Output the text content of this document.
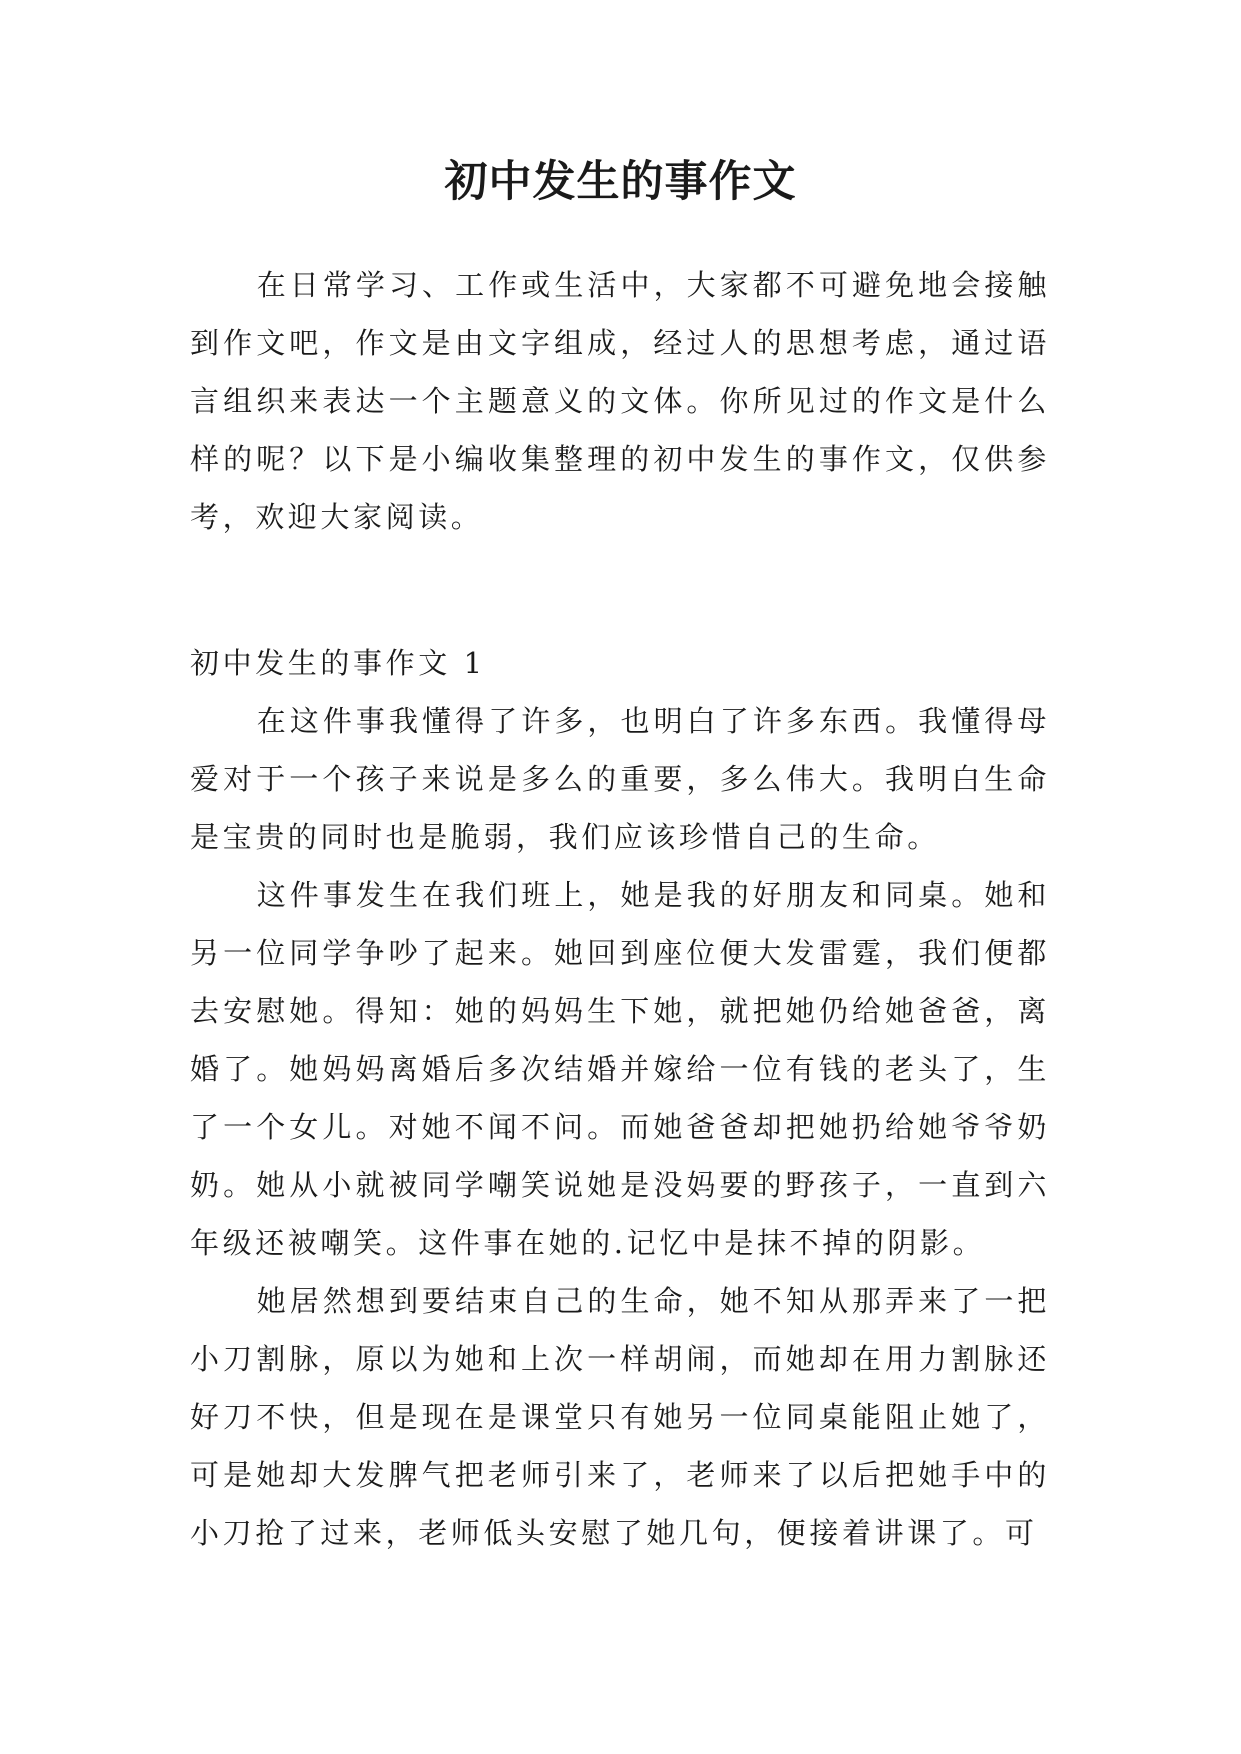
初中发生的事作文

在日常学习、工作或生活中，大家都不可避免地会接触到作文吧，作文是由文字组成，经过人的思想考虑，通过语言组织来表达一个主题意义的文体。你所见过的作文是什么样的呢？以下是小编收集整理的初中发生的事作文，仅供参考，欢迎大家阅读。

初中发生的事作文 1

在这件事我懂得了许多，也明白了许多东西。我懂得母爱对于一个孩子来说是多么的重要，多么伟大。我明白生命是宝贵的同时也是脆弱，我们应该珍惜自己的生命。

这件事发生在我们班上，她是我的好朋友和同桌。她和另一位同学争吵了起来。她回到座位便大发雷霆，我们便都去安慰她。得知：她的妈妈生下她，就把她仍给她爸爸，离婚了。她妈妈离婚后多次结婚并嫁给一位有钱的老头了，生了一个女儿。对她不闻不问。而她爸爸却把她扔给她爷爷奶奶。她从小就被同学嘲笑说她是没妈要的野孩子，一直到六年级还被嘲笑。这件事在她的.记忆中是抹不掉的阴影。

她居然想到要结束自己的生命，她不知从那弄来了一把小刀割脉，原以为她和上次一样胡闹，而她却在用力割脉还好刀不快，但是现在是课堂只有她另一位同桌能阻止她了，可是她却大发脾气把老师引来了，老师来了以后把她手中的小刀抢了过来，老师低头安慰了她几句，便接着讲课了。可
